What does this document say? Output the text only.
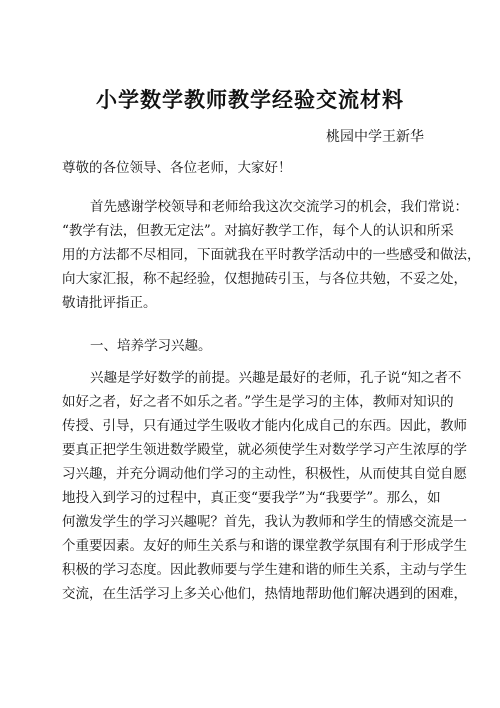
小学数学教师教学经验交流材料

桃园中学王新华

尊敬的各位领导、各位老师，大家好！

首先感谢学校领导和老师给我这次交流学习的机会，我们常说：
“教学有法，但教无定法”。对搞好教学工作，每个人的认识和所采
用的方法都不尽相同，下面就我在平时教学活动中的一些感受和做法，
向大家汇报，称不起经验，仅想抛砖引玉，与各位共勉，不妥之处，
敬请批评指正。

一、培养学习兴趣。

兴趣是学好数学的前提。兴趣是最好的老师，孔子说“知之者不
如好之者，好之者不如乐之者。”学生是学习的主体，教师对知识的
传授、引导，只有通过学生吸收才能内化成自己的东西。因此，教师
要真正把学生领进数学殿堂，就必须使学生对数学学习产生浓厚的学
习兴趣，并充分调动他们学习的主动性，积极性，从而使其自觉自愿
地投入到学习的过程中，真正变“要我学”为“我要学”。那么，如
何激发学生的学习兴趣呢？首先，我认为教师和学生的情感交流是一
个重要因素。友好的师生关系与和谐的课堂教学氛围有利于形成学生
积极的学习态度。因此教师要与学生建和谐的师生关系，主动与学生
交流，在生活学习上多关心他们，热情地帮助他们解决遇到的困难，
